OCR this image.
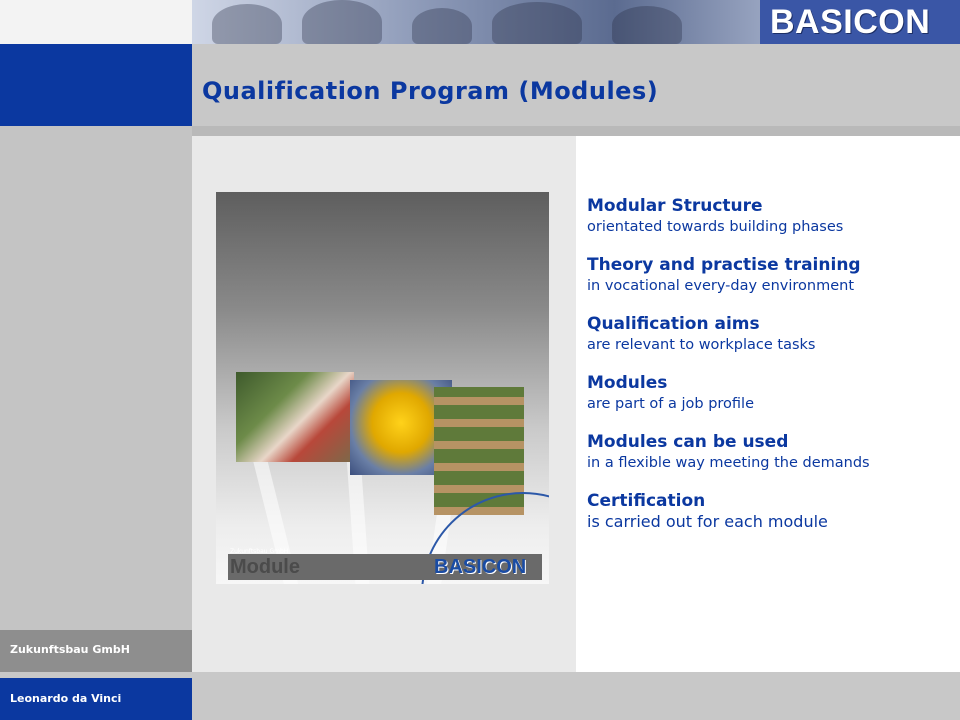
BASICON
Zukunftsbau GmbH
Leonardo da Vinci
Qualification Program (Modules)
Zukunftsbau GmbH
Module	BASICON
Modular Structure
orientated towards building phases
Theory and practise training
in vocational every-day environment
Qualification aims
are relevant to workplace tasks
Modules
are part of a job profile
Modules can be used
in a flexible way meeting the demands
Certification
is carried out for each module
